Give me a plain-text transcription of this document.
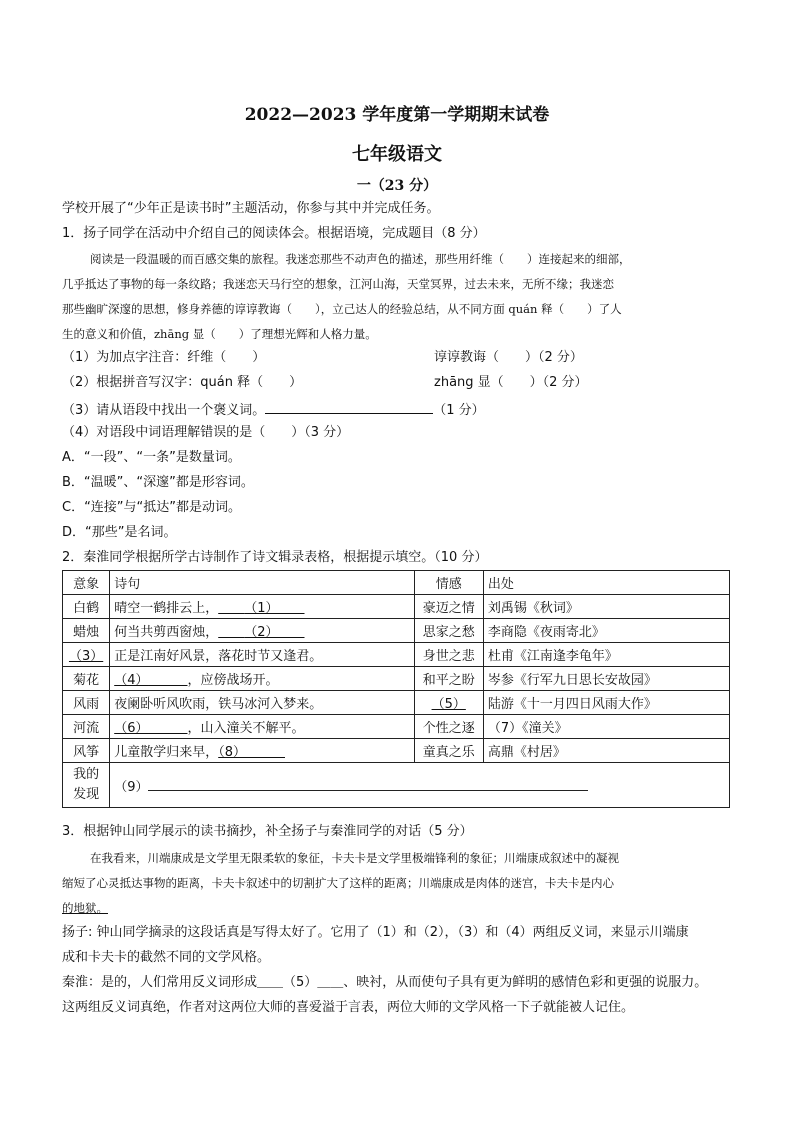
2022—2023 学年度第一学期期末试卷
七年级语文
一（23 分）
学校开展了“少年正是读书时”主题活动，你参与其中并完成任务。
1．扬子同学在活动中介绍自己的阅读体会。根据语境，完成题目（8 分）
阅读是一段温暖的而百感交集的旅程。我迷恋那些不动声色的描述，那些用纤维（　　）连接起来的细部，
几乎抵达了事物的每一条纹路；我迷恋天马行空的想象，江河山海，天堂冥界，过去未来，无所不缘；我迷恋
那些幽旷深邃的思想，修身养德的谆谆教诲（　　），立己达人的经验总结，从不同方面 quán 释（　　）了人
生的意义和价值，zhāng 显（　　）了理想光辉和人格力量。
（1）为加点字注音：纤维（　　）	谆谆教诲（　　）（2 分）
（2）根据拼音写汉字：quán 释（　　）	zhāng 显（　　）（2 分）
（3）请从语段中找出一个褒义词。	（1 分）
（4）对语段中词语理解错误的是（　　）（3 分）
A．“一段”、“一条”是数量词。
B．“温暖”、“深邃”都是形容词。
C．“连接”与“抵达”都是动词。
D．“那些”是名词。
2．秦淮同学根据所学古诗制作了诗文辑录表格，根据提示填空。（10 分）
意象	诗句	情感	出处
白鹤	晴空一鹤排云上，   （1）  	豪迈之情	刘禹锡《秋词》
蜡烛	何当共剪西窗烛，   （2）  	思家之愁	李商隐《夜雨寄北》
（3）	正是江南好风景，落花时节又逢君。	身世之悲	杜甫《江南逢李龟年》
菊花	（4）    ，应傍战场开。	和平之盼	岑参《行军九日思长安故园》
风雨	夜阑卧听风吹雨，铁马冰河入梦来。	（5）	陆游《十一月四日风雨大作》
河流	（6）    ，山入潼关不解平。	个性之逐	（7）《潼关》
风筝	儿童散学归来早，（8）   	童真之乐	高鼎《村居》
我的
发现	（9）		
3．根据钟山同学展示的读书摘抄，补全扬子与秦淮同学的对话（5 分）
在我看来，川端康成是文学里无限柔软的象征，卡夫卡是文学里极端锋利的象征；川端康成叙述中的凝视
缩短了心灵抵达事物的距离，卡夫卡叙述中的切割扩大了这样的距离；川端康成是肉体的迷宫，卡夫卡是内心
的地狱。
扬子: 钟山同学摘录的这段话真是写得太好了。它用了（1）和（2），（3）和（4）两组反义词，来显示川端康
成和卡夫卡的截然不同的文学风格。
秦淮：是的，人们常用反义词形成＿＿（5）＿＿、映衬，从而使句子具有更为鲜明的感情色彩和更强的说服力。
这两组反义词真绝，作者对这两位大师的喜爱溢于言表，两位大师的文学风格一下子就能被人记住。
